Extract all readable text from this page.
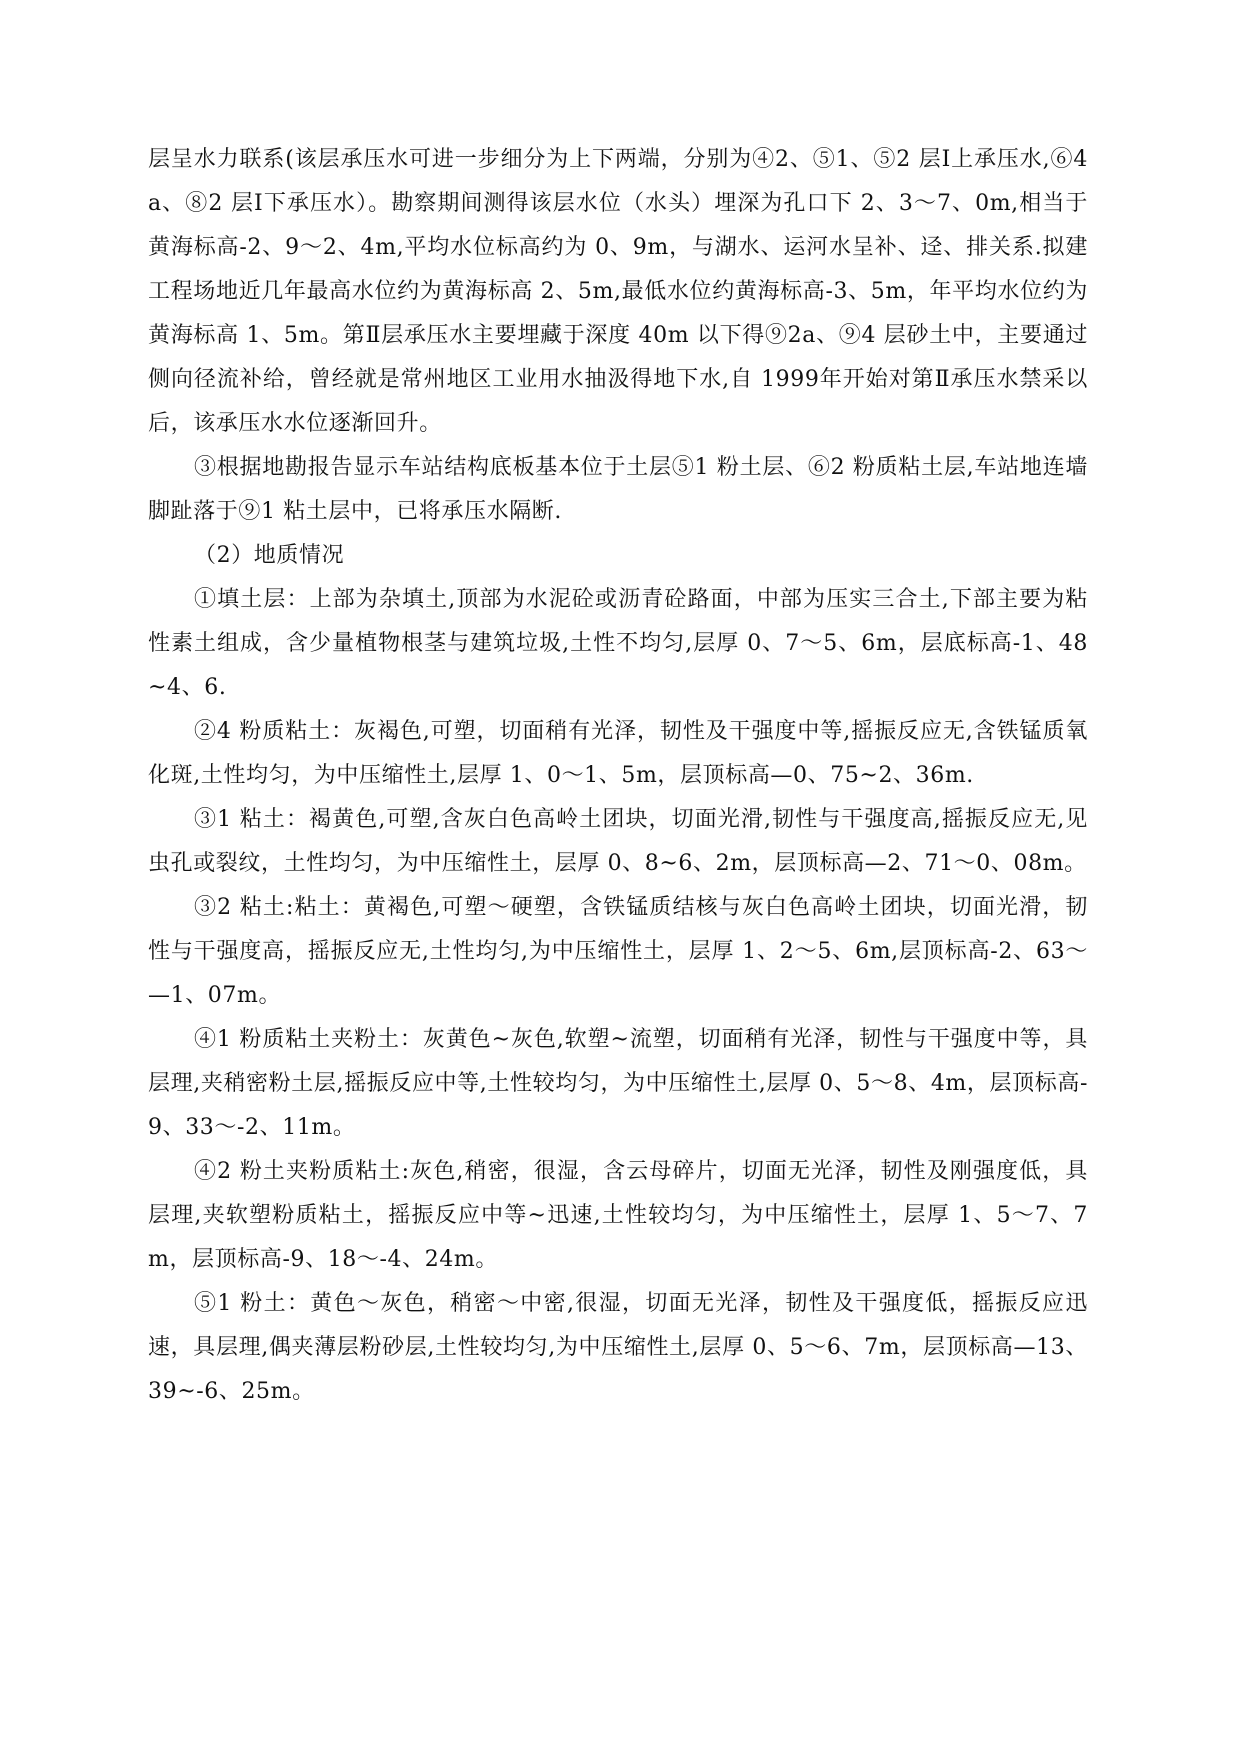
层呈水力联系(该层承压水可进一步细分为上下两端，分别为④2、⑤1、⑤2 层Ⅰ上承压水,⑥4a、⑧2 层Ⅰ下承压水）。勘察期间测得该层水位（水头）埋深为孔口下 2、3～7、0m,相当于黄海标高-2、9～2、4m,平均水位标高约为 0、9m，与湖水、运河水呈补、迳、排关系.拟建工程场地近几年最高水位约为黄海标高 2、5m,最低水位约黄海标高-3、5m，年平均水位约为黄海标高 1、5m。第Ⅱ层承压水主要埋藏于深度 40m 以下得⑨2a、⑨4 层砂土中，主要通过侧向径流补给，曾经就是常州地区工业用水抽汲得地下水,自 1999年开始对第Ⅱ承压水禁采以后，该承压水水位逐渐回升。

③根据地勘报告显示车站结构底板基本位于土层⑤1 粉土层、⑥2 粉质粘土层,车站地连墙脚趾落于⑨1 粘土层中，已将承压水隔断.

（2）地质情况

①填土层：上部为杂填土,顶部为水泥砼或沥青砼路面，中部为压实三合土,下部主要为粘性素土组成，含少量植物根茎与建筑垃圾,土性不均匀,层厚 0、7～5、6m，层底标高-1、48~4、6.

②4 粉质粘土：灰褐色,可塑，切面稍有光泽，韧性及干强度中等,摇振反应无,含铁锰质氧化斑,土性均匀，为中压缩性土,层厚 1、0～1、5m，层顶标高—0、75~2、36m.

③1 粘土：褐黄色,可塑,含灰白色高岭土团块，切面光滑,韧性与干强度高,摇振反应无,见虫孔或裂纹，土性均匀，为中压缩性土，层厚 0、8~6、2m，层顶标高—2、71～0、08m。

③2 粘土:粘土：黄褐色,可塑～硬塑，含铁锰质结核与灰白色高岭土团块，切面光滑，韧性与干强度高，摇振反应无,土性均匀,为中压缩性土，层厚 1、2～5、6m,层顶标高-2、63～—1、07m。

④1 粉质粘土夹粉土：灰黄色~灰色,软塑~流塑，切面稍有光泽，韧性与干强度中等，具层理,夹稍密粉土层,摇振反应中等,土性较均匀，为中压缩性土,层厚 0、5～8、4m，层顶标高-9、33～-2、11m。

④2 粉土夹粉质粘土:灰色,稍密，很湿，含云母碎片，切面无光泽，韧性及刚强度低，具层理,夹软塑粉质粘土，摇振反应中等~迅速,土性较均匀，为中压缩性土，层厚 1、5～7、7m，层顶标高-9、18～-4、24m。

⑤1 粉土：黄色～灰色，稍密～中密,很湿，切面无光泽，韧性及干强度低，摇振反应迅速，具层理,偶夹薄层粉砂层,土性较均匀,为中压缩性土,层厚 0、5～6、7m，层顶标高—13、39~-6、25m。
